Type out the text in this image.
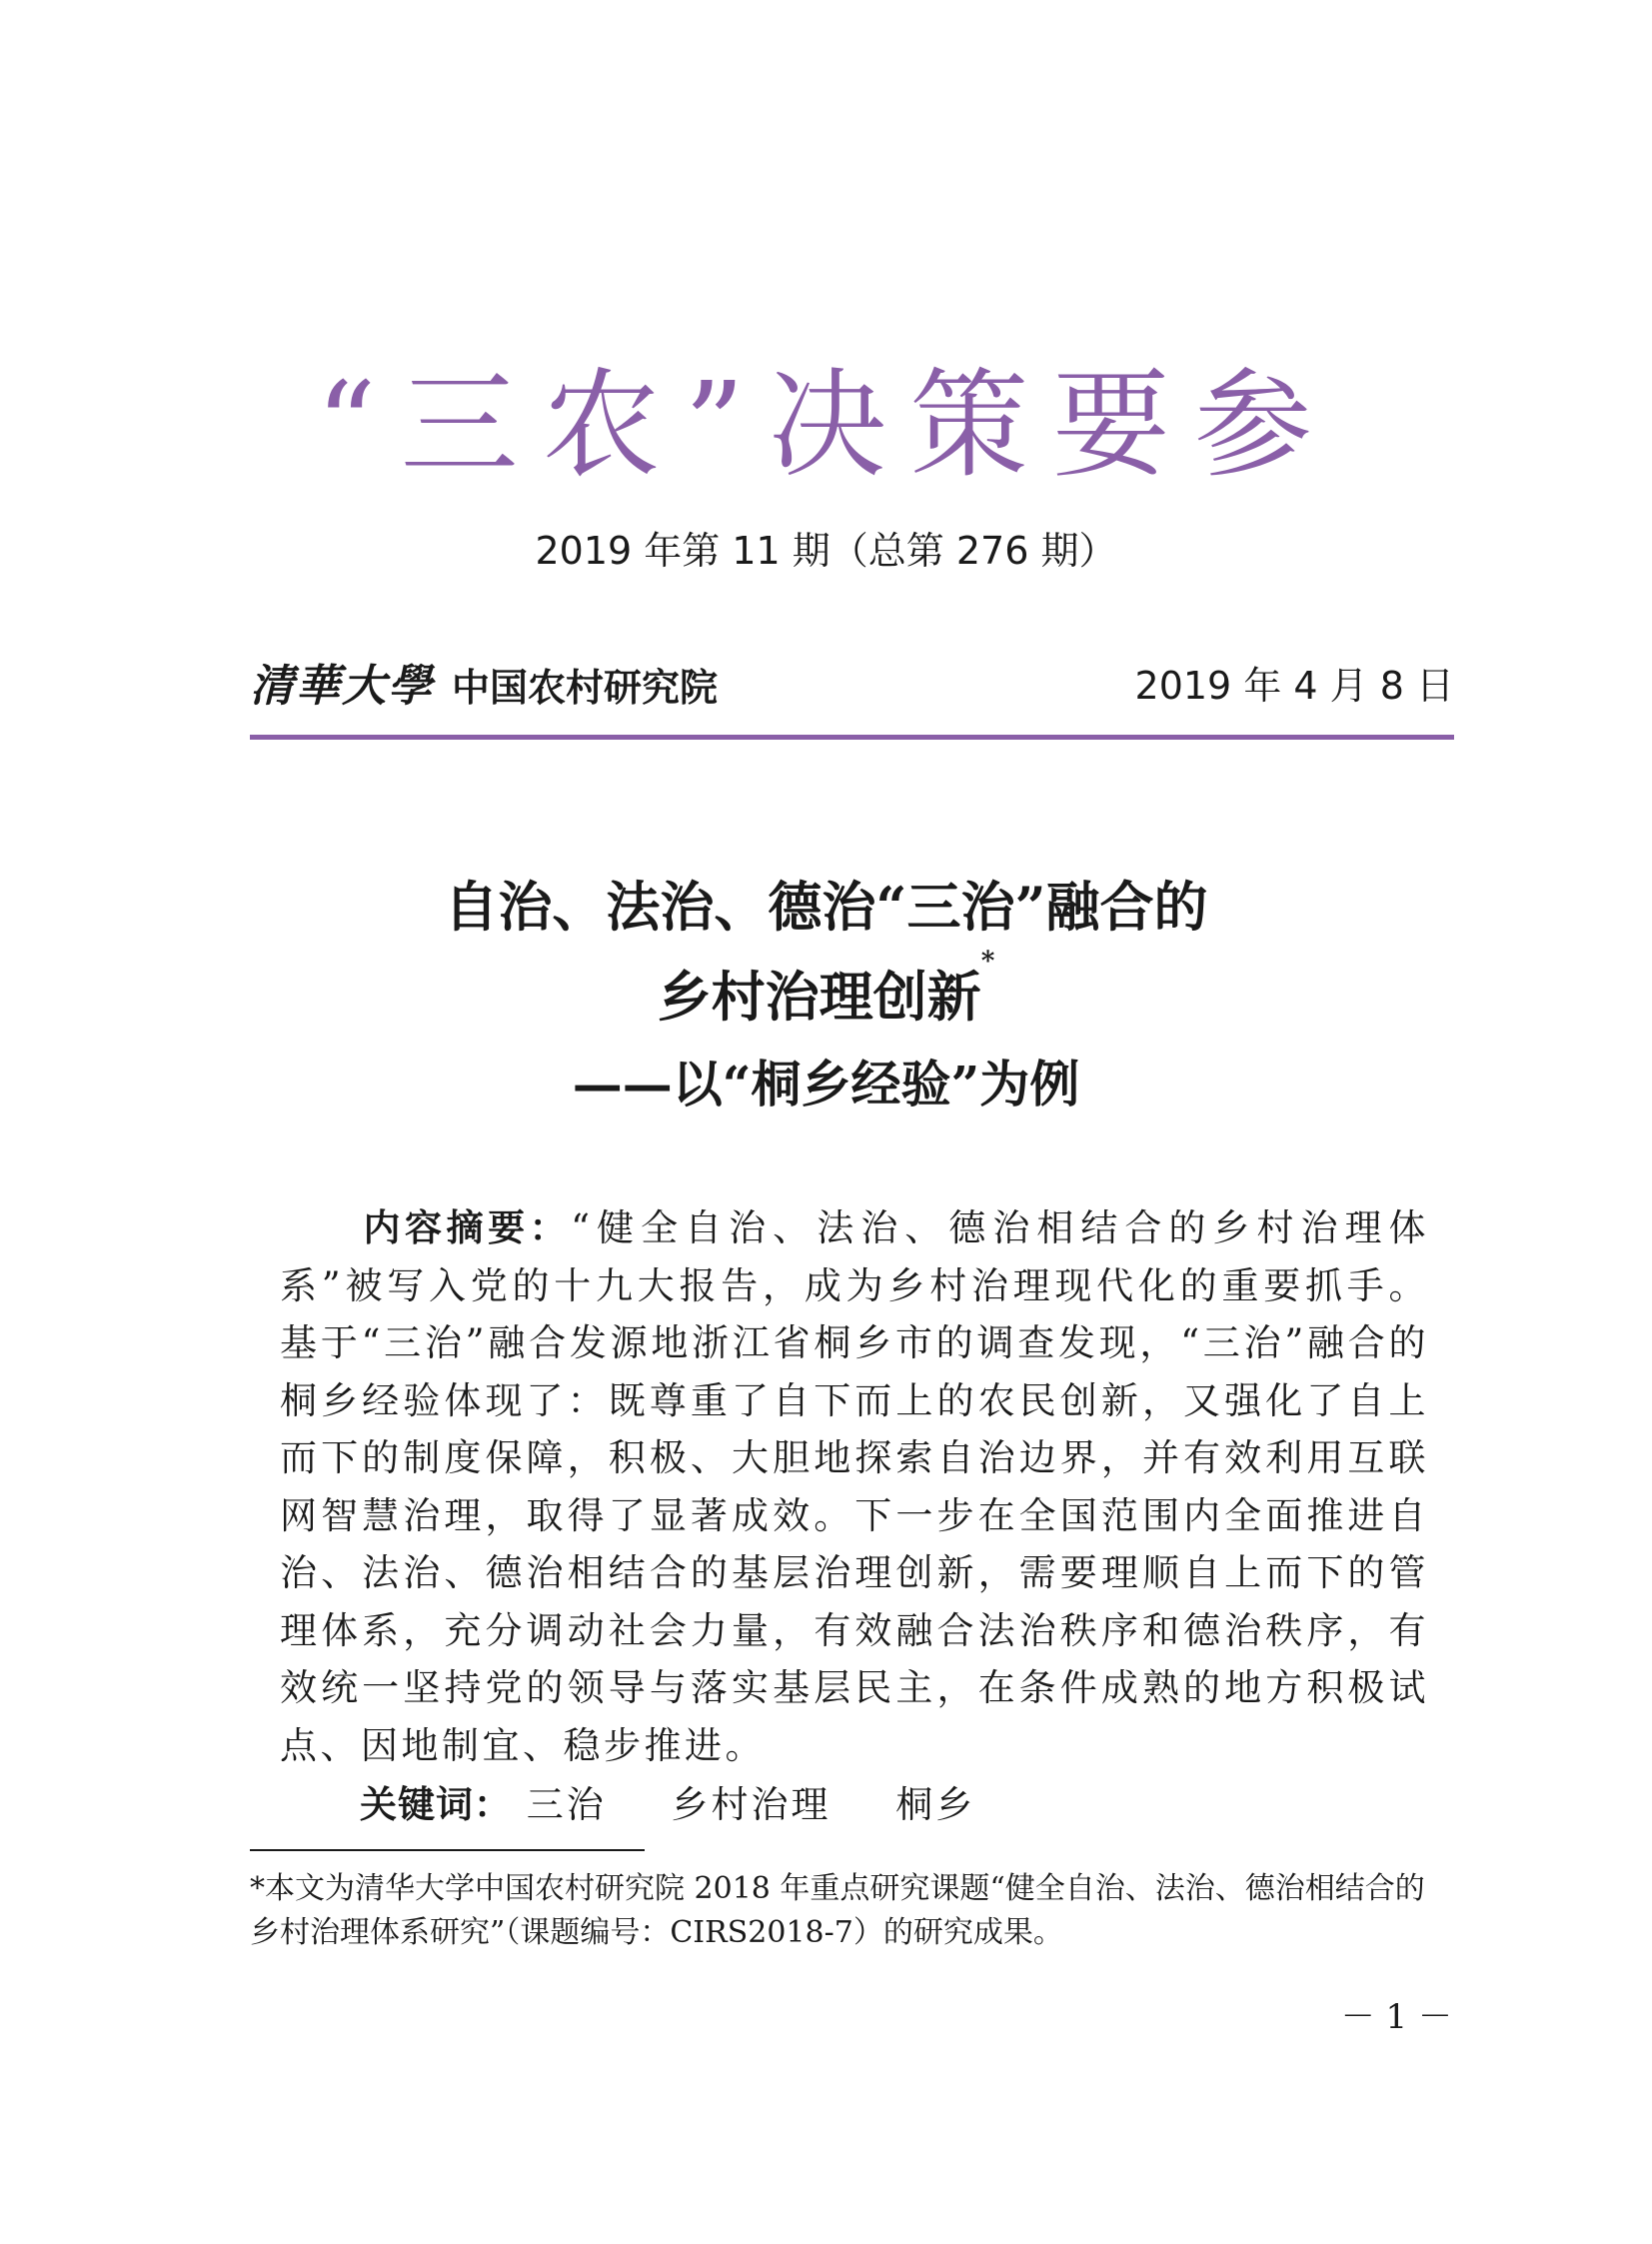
“三农”决策要参
2019 年第 11 期（总第 276 期）
清華大學 中国农村研究院	2019 年 4 月 8 日
自治、法治、德治“三治”融合的
乡村治理创新*
——以“桐乡经验”为例
内容摘要：“健全自治、法治、德治相结合的乡村治理体系”被写入党的十九大报告，成为乡村治理现代化的重要抓手。基于“三治”融合发源地浙江省桐乡市的调查发现，“三治”融合的桐乡经验体现了：既尊重了自下而上的农民创新，又强化了自上而下的制度保障，积极、大胆地探索自治边界，并有效利用互联网智慧治理，取得了显著成效。下一步在全国范围内全面推进自治、法治、德治相结合的基层治理创新，需要理顺自上而下的管理体系，充分调动社会力量，有效融合法治秩序和德治秩序，有效统一坚持党的领导与落实基层民主，在条件成熟的地方积极试点、因地制宜、稳步推进。
关键词： 三治 乡村治理 桐乡
*本文为清华大学中国农村研究院 2018 年重点研究课题“健全自治、法治、德治相结合的乡村治理体系研究”（课题编号：CIRS2018-7）的研究成果。
－ 1 －
